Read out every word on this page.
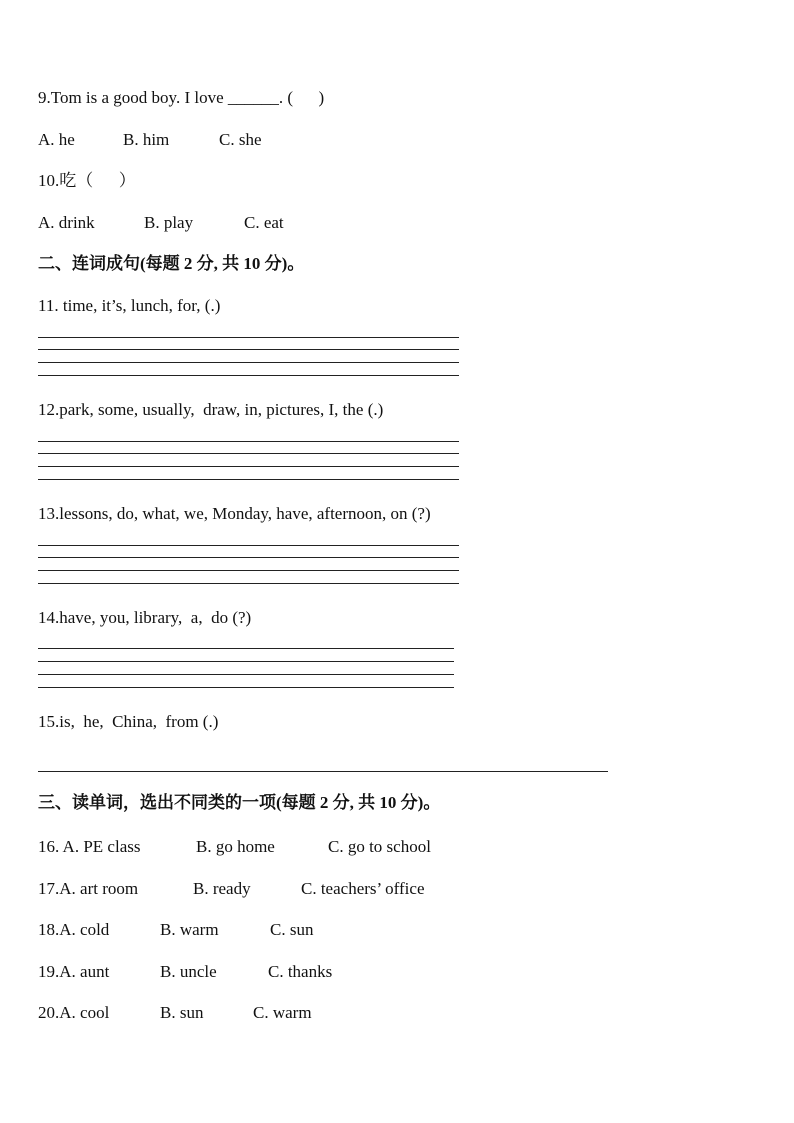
9.Tom is a good boy. I love ______. (      )
A. he	B. him	C. she
10.吃（      ）
A. drink	B. play	C. eat
二、连词成句(每题 2 分, 共 10 分)。
11. time, it’s, lunch, for, (.)
12.park, some, usually,  draw, in, pictures, I, the (.)
13.lessons, do, what, we, Monday, have, afternoon, on (?)
14.have, you, library,  a,  do (?)
15.is,  he,  China,  from (.)
三、读单词，选出不同类的一项(每题 2 分, 共 10 分)。
16. A. PE class	B. go home	C. go to school
17.A. art room	B. ready	C. teachers’ office
18.A. cold	B. warm	C. sun
19.A. aunt	B. uncle	C. thanks
20.A. cool	B. sun	C. warm
